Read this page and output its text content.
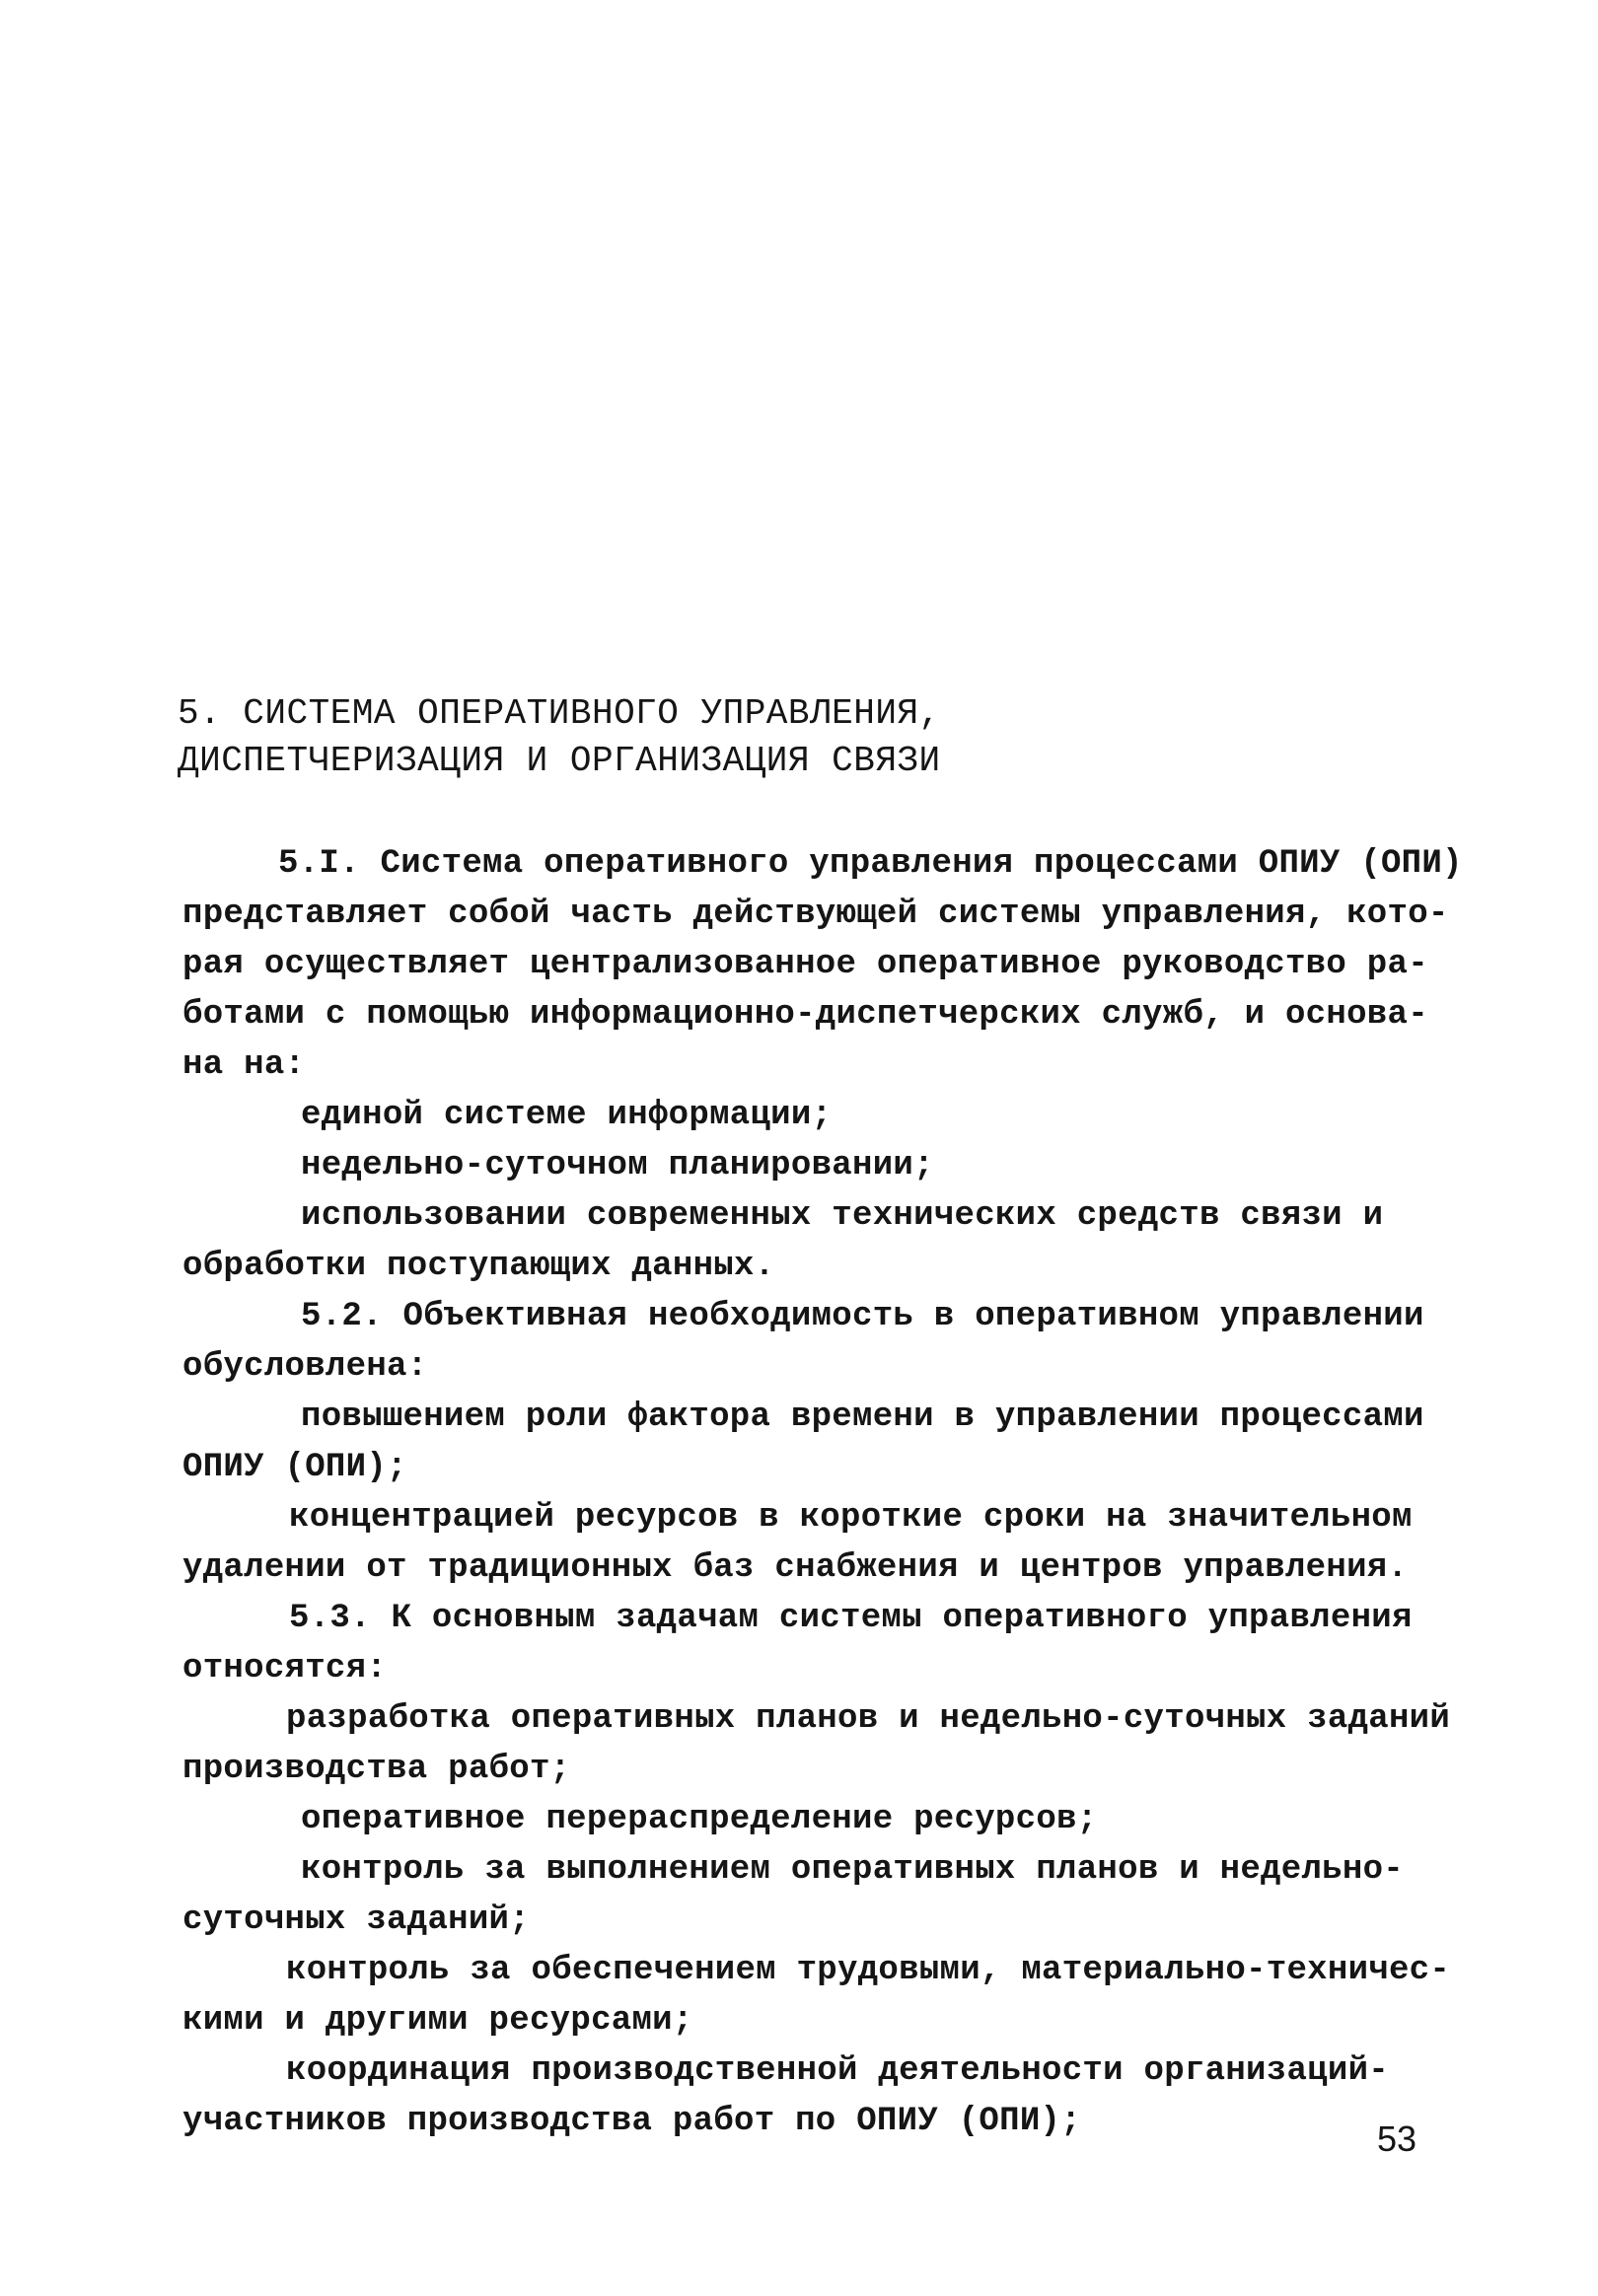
5. СИСТЕМА ОПЕРАТИВНОГО УПРАВЛЕНИЯ,
ДИСПЕТЧЕРИЗАЦИЯ И ОРГАНИЗАЦИЯ СВЯЗИ
5.I. Система оперативного управления процессами ОПИУ (ОПИ)
представляет собой часть действующей системы управления, кото-
рая осуществляет централизованное оперативное руководство ра-
ботами с помощью информационно-диспетчерских служб, и основа-
на на:
единой системе информации;
недельно-суточном планировании;
использовании современных технических средств связи и
обработки поступающих данных.
5.2. Объективная необходимость в оперативном управлении
обусловлена:
повышением роли фактора времени в управлении процессами
ОПИУ (ОПИ);
концентрацией ресурсов в короткие сроки на значительном
удалении от традиционных баз снабжения и центров управления.
5.3. К основным задачам системы оперативного управления
относятся:
разработка оперативных планов и недельно-суточных заданий
производства работ;
оперативное перераспределение ресурсов;
контроль за выполнением оперативных планов и недельно-
суточных заданий;
контроль за обеспечением трудовыми, материально-техничес-
кими и другими ресурсами;
координация производственной деятельности организаций-
участников производства работ по ОПИУ (ОПИ);	53
